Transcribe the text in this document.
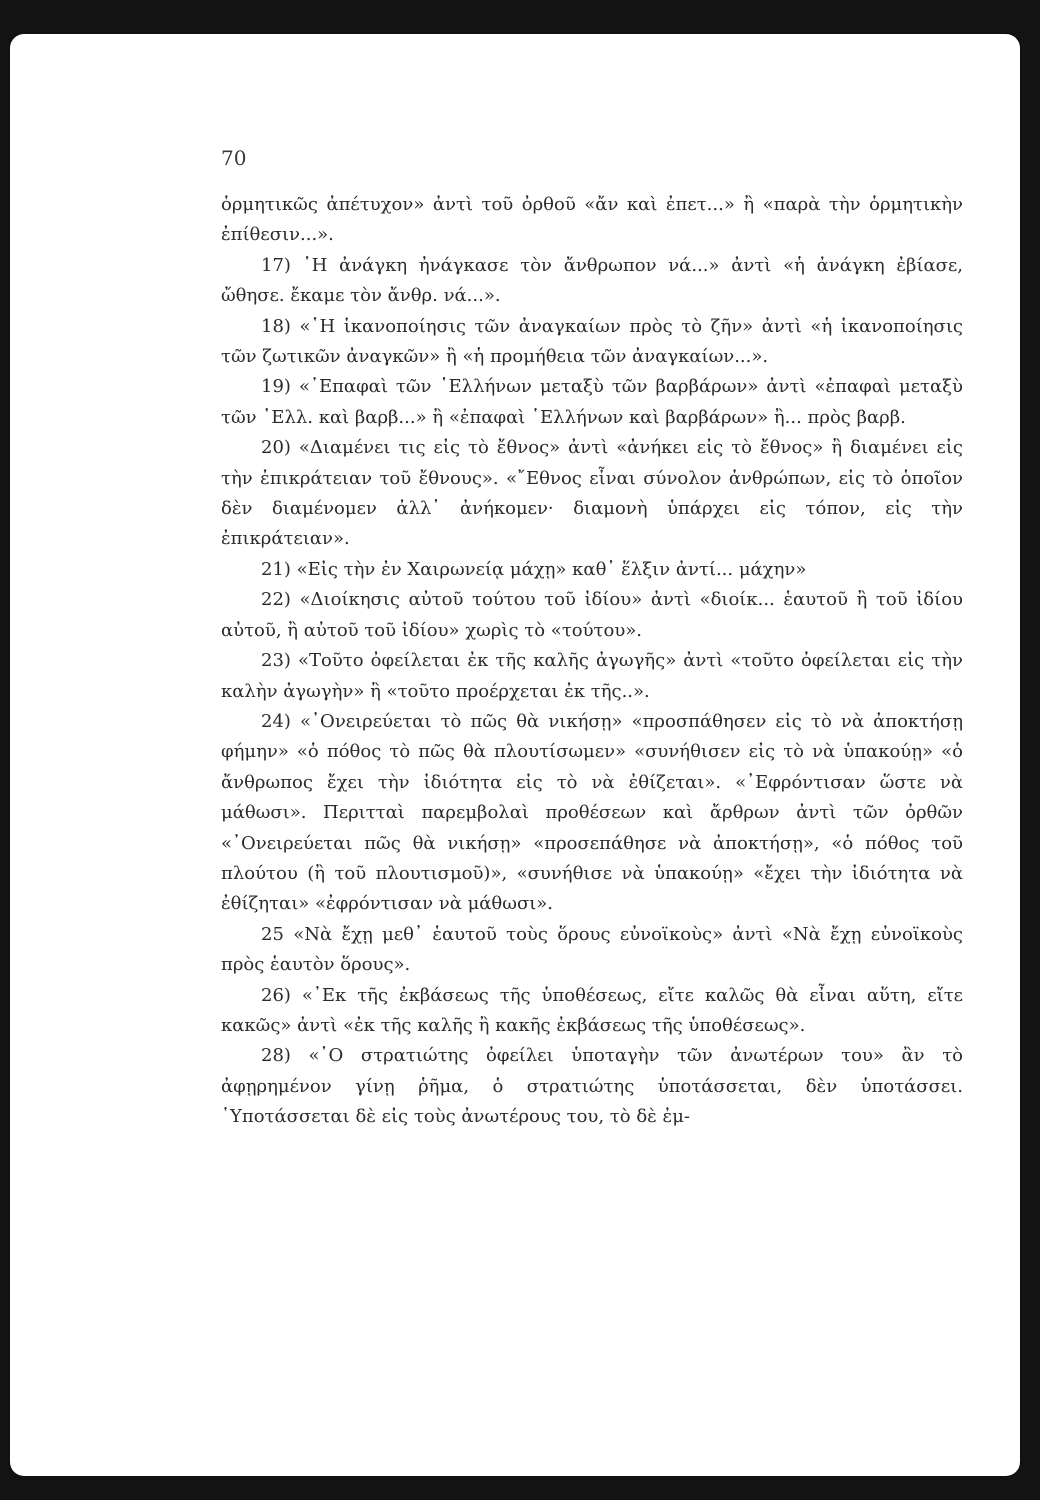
70

ὁρμητικῶς ἀπέτυχον» ἀντὶ τοῦ ὀρθοῦ «ἄν καὶ ἐπετ...» ἢ «παρὰ τὴν ὁρμητικὴν ἐπίθεσιν...».

17) ῾Η ἀνάγκη ἠνάγκασε τὸν ἄνθρωπον νά...» ἀντὶ «ἡ ἀνάγκη ἐβίασε, ὤθησε. ἔκαμε τὸν ἄνθρ. νά...».

18) «῾Η ἱκανοποίησις τῶν ἀναγκαίων πρὸς τὸ ζῆν» ἀντὶ «ἡ ἱκανοποίησις τῶν ζωτικῶν ἀναγκῶν» ἢ «ἡ προμήθεια τῶν ἀναγκαίων...».

19) «᾿Επαφαὶ τῶν ῾Ελλήνων μεταξὺ τῶν βαρβάρων» ἀντὶ «ἐπαφαὶ μεταξὺ τῶν ῾Ελλ. καὶ βαρβ...» ἢ «ἐπαφαὶ ῾Ελλήνων καὶ βαρβάρων» ἢ... πρὸς βαρβ.

20) «Διαμένει τις εἰς τὸ ἔθνος» ἀντὶ «ἀνήκει εἰς τὸ ἔθνος» ἢ διαμένει εἰς τὴν ἐπικράτειαν τοῦ ἔθνους». «῎Εθνος εἶναι σύνολον ἀνθρώπων, εἰς τὸ ὁποῖον δὲν διαμένομεν ἀλλ᾿ ἀνήκομεν· διαμονὴ ὑπάρχει εἰς τόπον, εἰς τὴν ἐπικράτειαν».

21) «Εἰς τὴν ἐν Χαιρωνείᾳ μάχῃ» καθ᾿ ἕλξιν ἀντί... μάχην»

22) «Διοίκησις αὐτοῦ τούτου τοῦ ἰδίου» ἀντὶ «διοίκ... ἑαυτοῦ ἢ τοῦ ἰδίου αὐτοῦ, ἢ αὐτοῦ τοῦ ἰδίου» χωρὶς τὸ «τούτου».

23) «Τοῦτο ὀφείλεται ἐκ τῆς καλῆς ἀγωγῆς» ἀντὶ «τοῦτο ὀφείλεται εἰς τὴν καλὴν ἀγωγὴν» ἢ «τοῦτο προέρχεται ἐκ τῆς..».

24) «᾿Ονειρεύεται τὸ πῶς θὰ νικήσῃ» «προσπάθησεν εἰς τὸ νὰ ἀποκτήσῃ φήμην» «ὁ πόθος τὸ πῶς θὰ πλουτίσωμεν» «συνήθισεν εἰς τὸ νὰ ὑπακούῃ» «ὁ ἄνθρωπος ἔχει τὴν ἰδιότητα εἰς τὸ νὰ ἐθίζεται». «᾿Εφρόντισαν ὥστε νὰ μάθωσι». Περιτταὶ παρεμβολαὶ προθέσεων καὶ ἄρθρων ἀντὶ τῶν ὀρθῶν «᾿Ονειρεύεται πῶς θὰ νικήσῃ» «προσεπάθησε νὰ ἀποκτήσῃ», «ὁ πόθος τοῦ πλούτου (ἢ τοῦ πλουτισμοῦ)», «συνήθισε νὰ ὑπακούῃ» «ἔχει τὴν ἰδιότητα νὰ ἐθίζηται» «ἐφρόντισαν νὰ μάθωσι».

25 «Νὰ ἔχῃ μεθ᾿ ἑαυτοῦ τοὺς ὅρους εὐνοϊκοὺς» ἀντὶ «Νὰ ἔχῃ εὐνοϊκοὺς πρὸς ἑαυτὸν ὅρους».

26) «᾿Εκ τῆς ἐκβάσεως τῆς ὑποθέσεως, εἴτε καλῶς θὰ εἶναι αὕτη, εἴτε κακῶς» ἀντὶ «ἐκ τῆς καλῆς ἢ κακῆς ἐκβάσεως τῆς ὑποθέσεως».

28) «῾Ο στρατιώτης ὀφείλει ὑποταγὴν τῶν ἀνωτέρων του» ἂν τὸ ἀφῃρημένον γίνῃ ῥῆμα, ὁ στρατιώτης ὑποτάσσεται, δὲν ὑποτάσσει. ῾Υποτάσσεται δὲ εἰς τοὺς ἀνωτέρους του, τὸ δὲ ἐμ-
